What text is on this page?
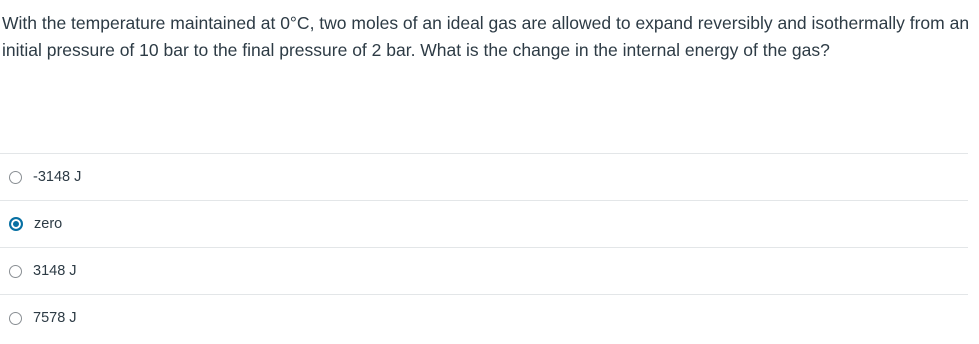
With the temperature maintained at 0°C, two moles of an ideal gas are allowed to expand reversibly and isothermally from an initial pressure of 10 bar to the final pressure of 2 bar. What is the change in the internal energy of the gas?

-3148 J
zero
3148 J
7578 J
